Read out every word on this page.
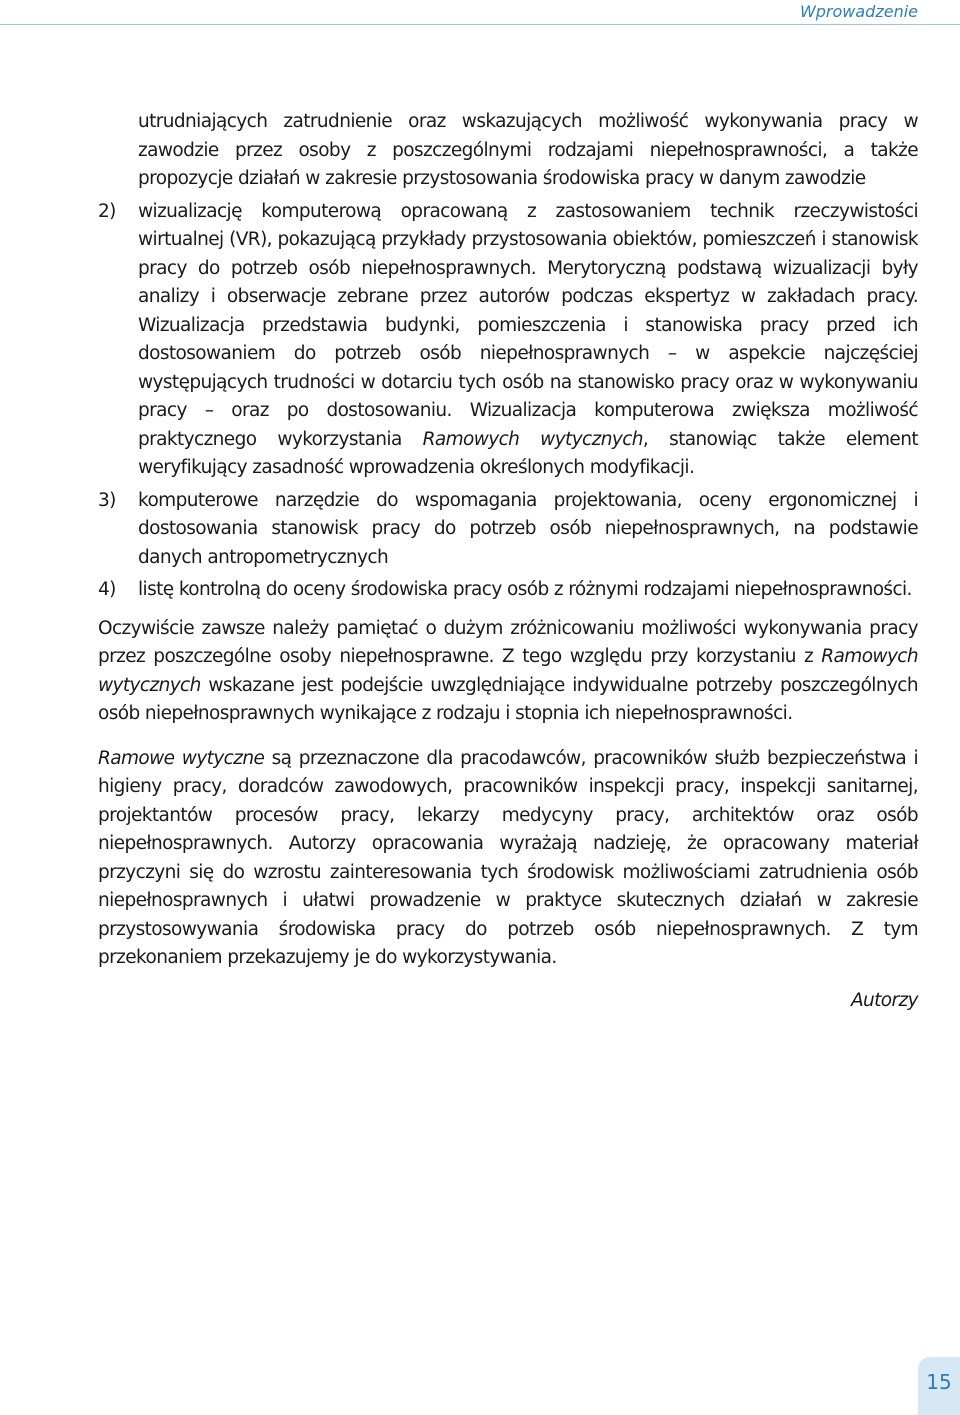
Wprowadzenie

utrudniających zatrudnienie oraz wskazujących możliwość wykonywania pracy w zawodzie przez osoby z poszczególnymi rodzajami niepełnosprawności, a także propozycje działań w zakresie przystosowania środowiska pracy w danym zawodzie

2)	wizualizację komputerową opracowaną z zastosowaniem technik rzeczywistości wirtualnej (VR), pokazującą przykłady przystosowania obiektów, pomieszczeń i stanowisk pracy do potrzeb osób niepełnosprawnych. Merytoryczną podstawą wizualizacji były analizy i obserwacje zebrane przez autorów podczas ekspertyz w zakładach pracy. Wizualizacja przedstawia budynki, pomieszczenia i stanowiska pracy przed ich dostosowaniem do potrzeb osób niepełnosprawnych – w aspekcie najczęściej występujących trudności w dotarciu tych osób na stanowisko pracy oraz w wykonywaniu pracy – oraz po dostosowaniu. Wizualizacja komputerowa zwiększa możliwość praktycznego wykorzystania Ramowych wytycznych, stanowiąc także element weryfikujący zasadność wprowadzenia określonych modyfikacji.
3)	komputerowe narzędzie do wspomagania projektowania, oceny ergonomicznej i dostosowania stanowisk pracy do potrzeb osób niepełnosprawnych, na podstawie danych antropometrycznych
4)	listę kontrolną do oceny środowiska pracy osób z różnymi rodzajami niepełnosprawności.
Oczywiście zawsze należy pamiętać o dużym zróżnicowaniu możliwości wykonywania pracy przez poszczególne osoby niepełnosprawne. Z tego względu przy korzystaniu z Ramowych wytycznych wskazane jest podejście uwzględniające indywidualne potrzeby poszczególnych osób niepełnosprawnych wynikające z rodzaju i stopnia ich niepełnosprawności.
Ramowe wytyczne są przeznaczone dla pracodawców, pracowników służb bezpieczeństwa i higieny pracy, doradców zawodowych, pracowników inspekcji pracy, inspekcji sanitarnej, projektantów procesów pracy, lekarzy medycyny pracy, architektów oraz osób niepełnosprawnych. Autorzy opracowania wyrażają nadzieję, że opracowany materiał przyczyni się do wzrostu zainteresowania tych środowisk możliwościami zatrudnienia osób niepełnosprawnych i ułatwi prowadzenie w praktyce skutecznych działań w zakresie przystosowywania środowiska pracy do potrzeb osób niepełnosprawnych. Z tym przekonaniem przekazujemy je do wykorzystywania.
Autorzy
15
